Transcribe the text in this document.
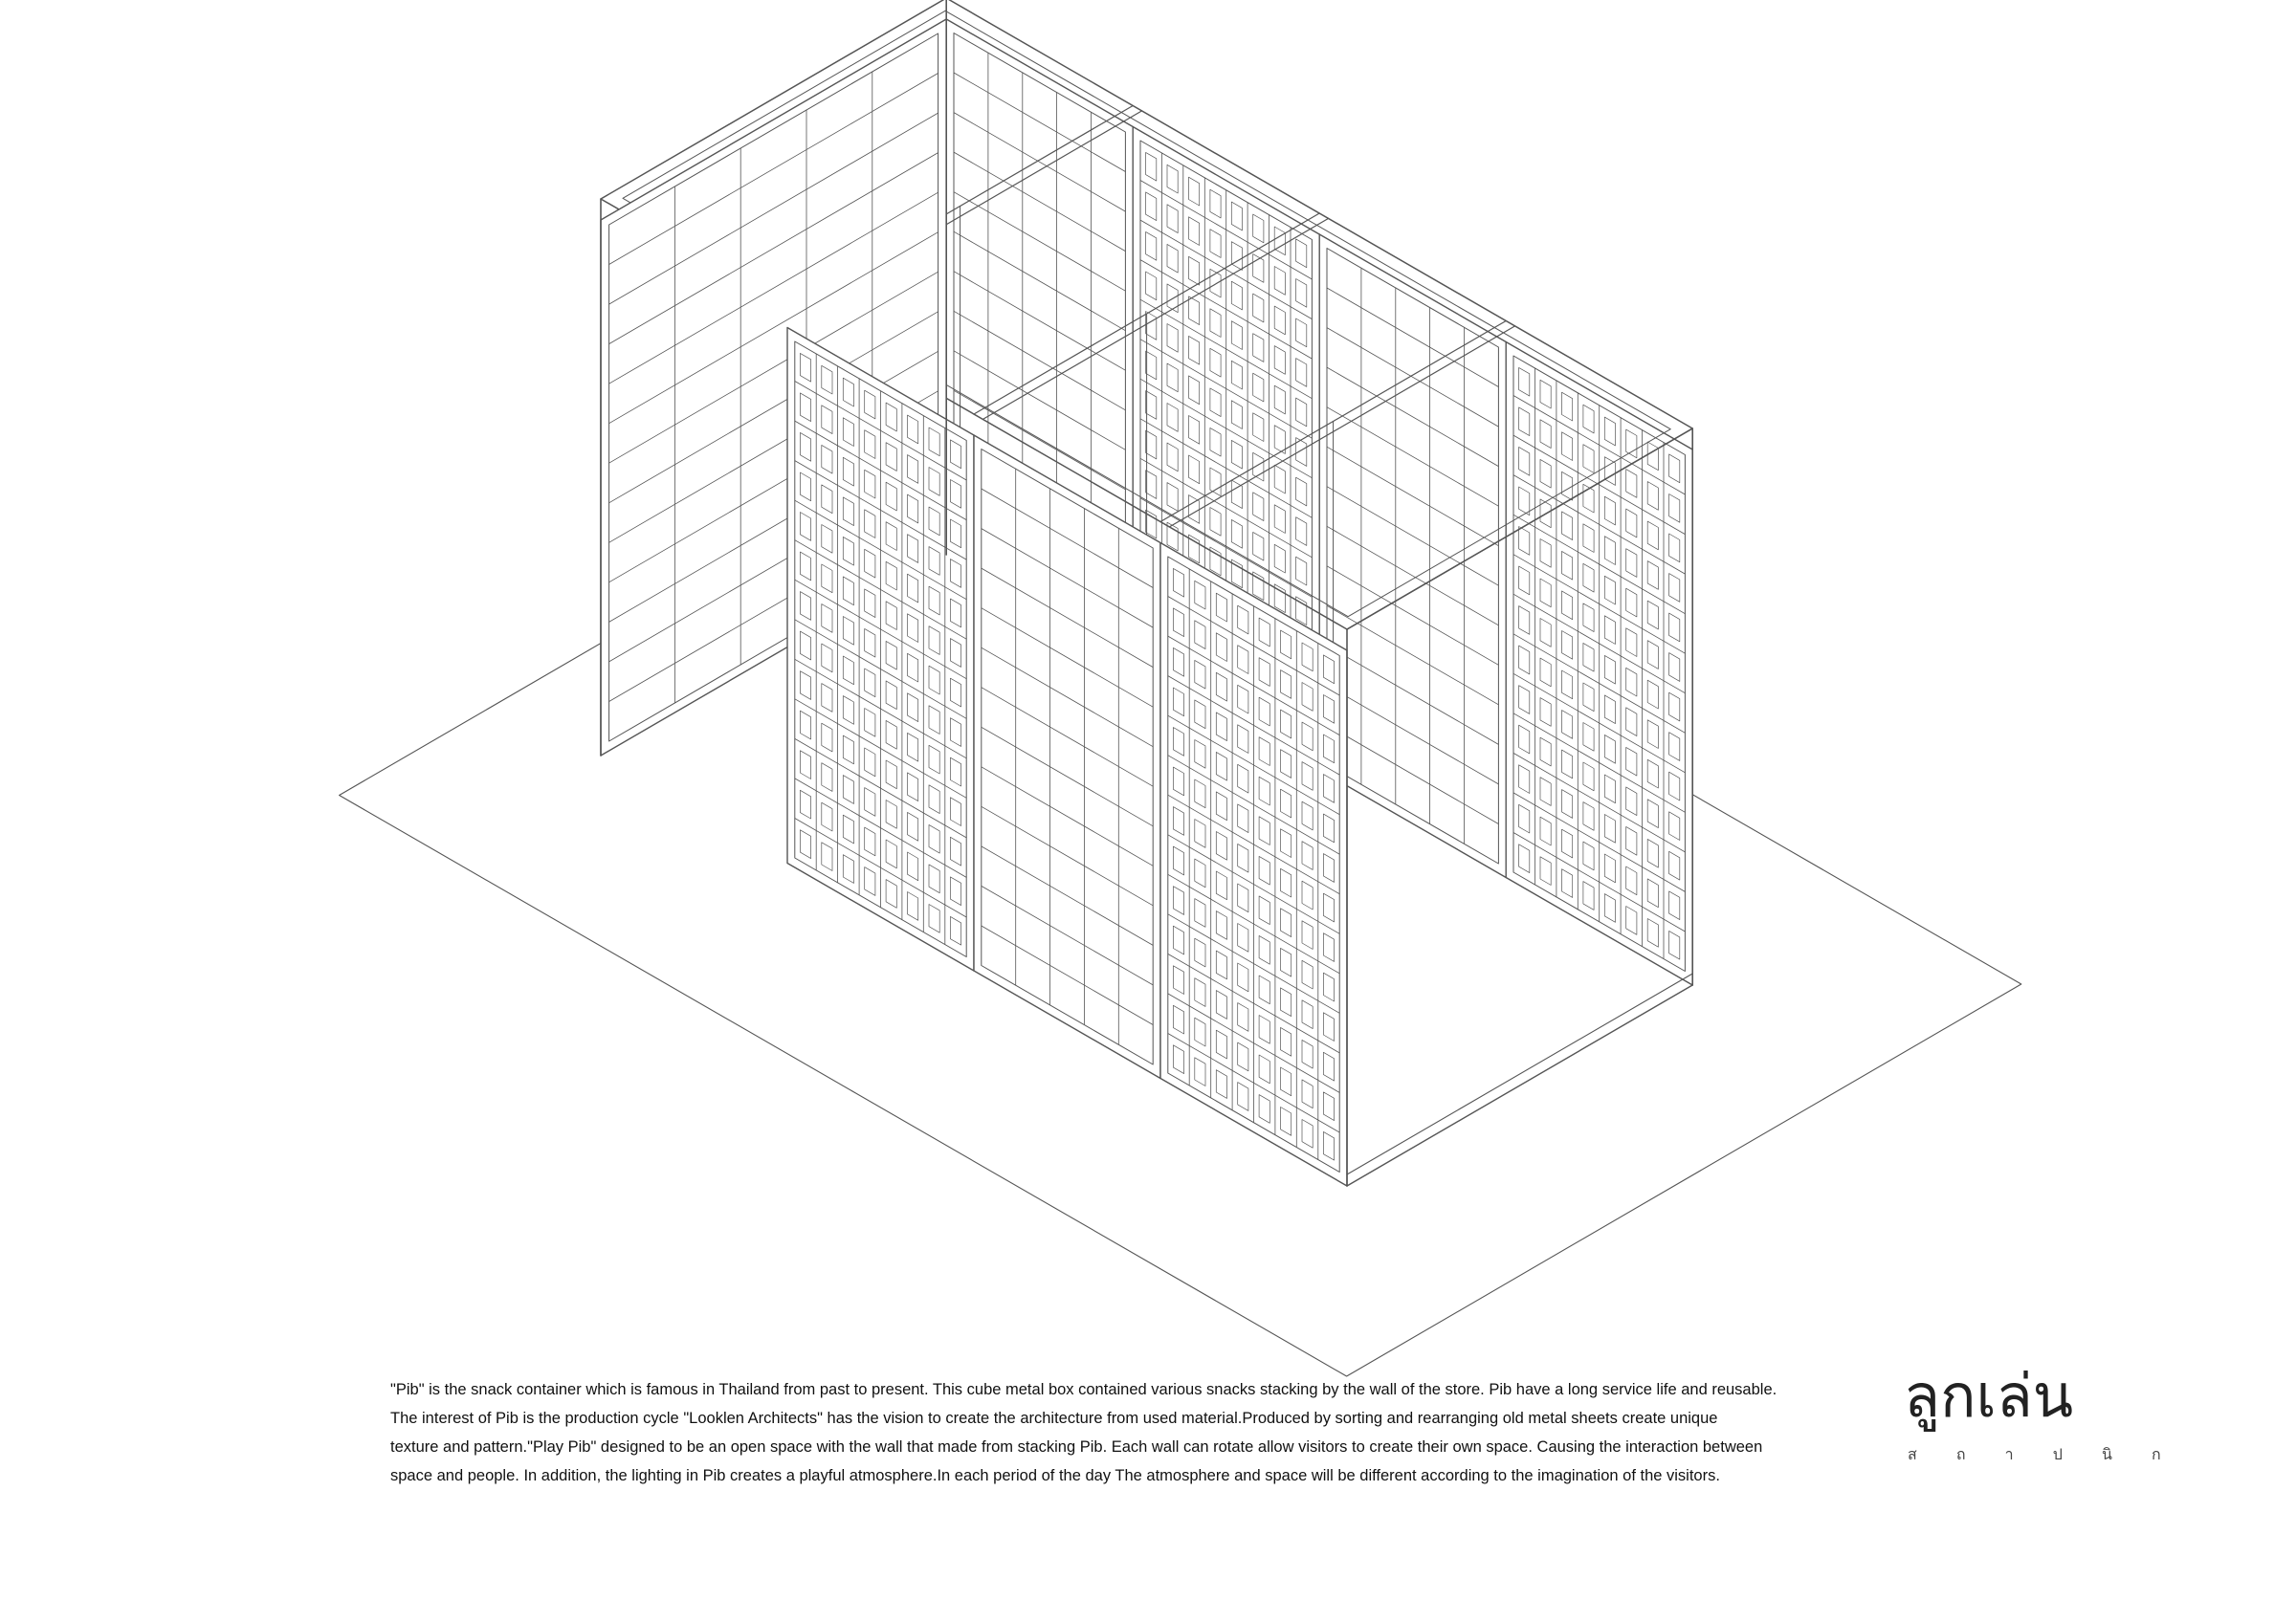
"Pib" is the snack container which is famous in Thailand from past to present. This cube metal box contained various snacks stacking by the wall of the store. Pib have a long service life and reusable.

The interest of Pib is the production cycle "Looklen Architects" has the vision to create the architecture from used material.Produced by sorting and rearranging old metal sheets create unique

texture and pattern."Play Pib" designed to be an open space with the wall that made from stacking Pib. Each wall can rotate allow visitors to create their own space. Causing the interaction between

space and people. In addition, the lighting in Pib creates a playful atmosphere.In each period of the day The atmosphere and space will be different according to the imagination of the visitors.

ลูกเล่น
ส ถ า ป นิ ก
